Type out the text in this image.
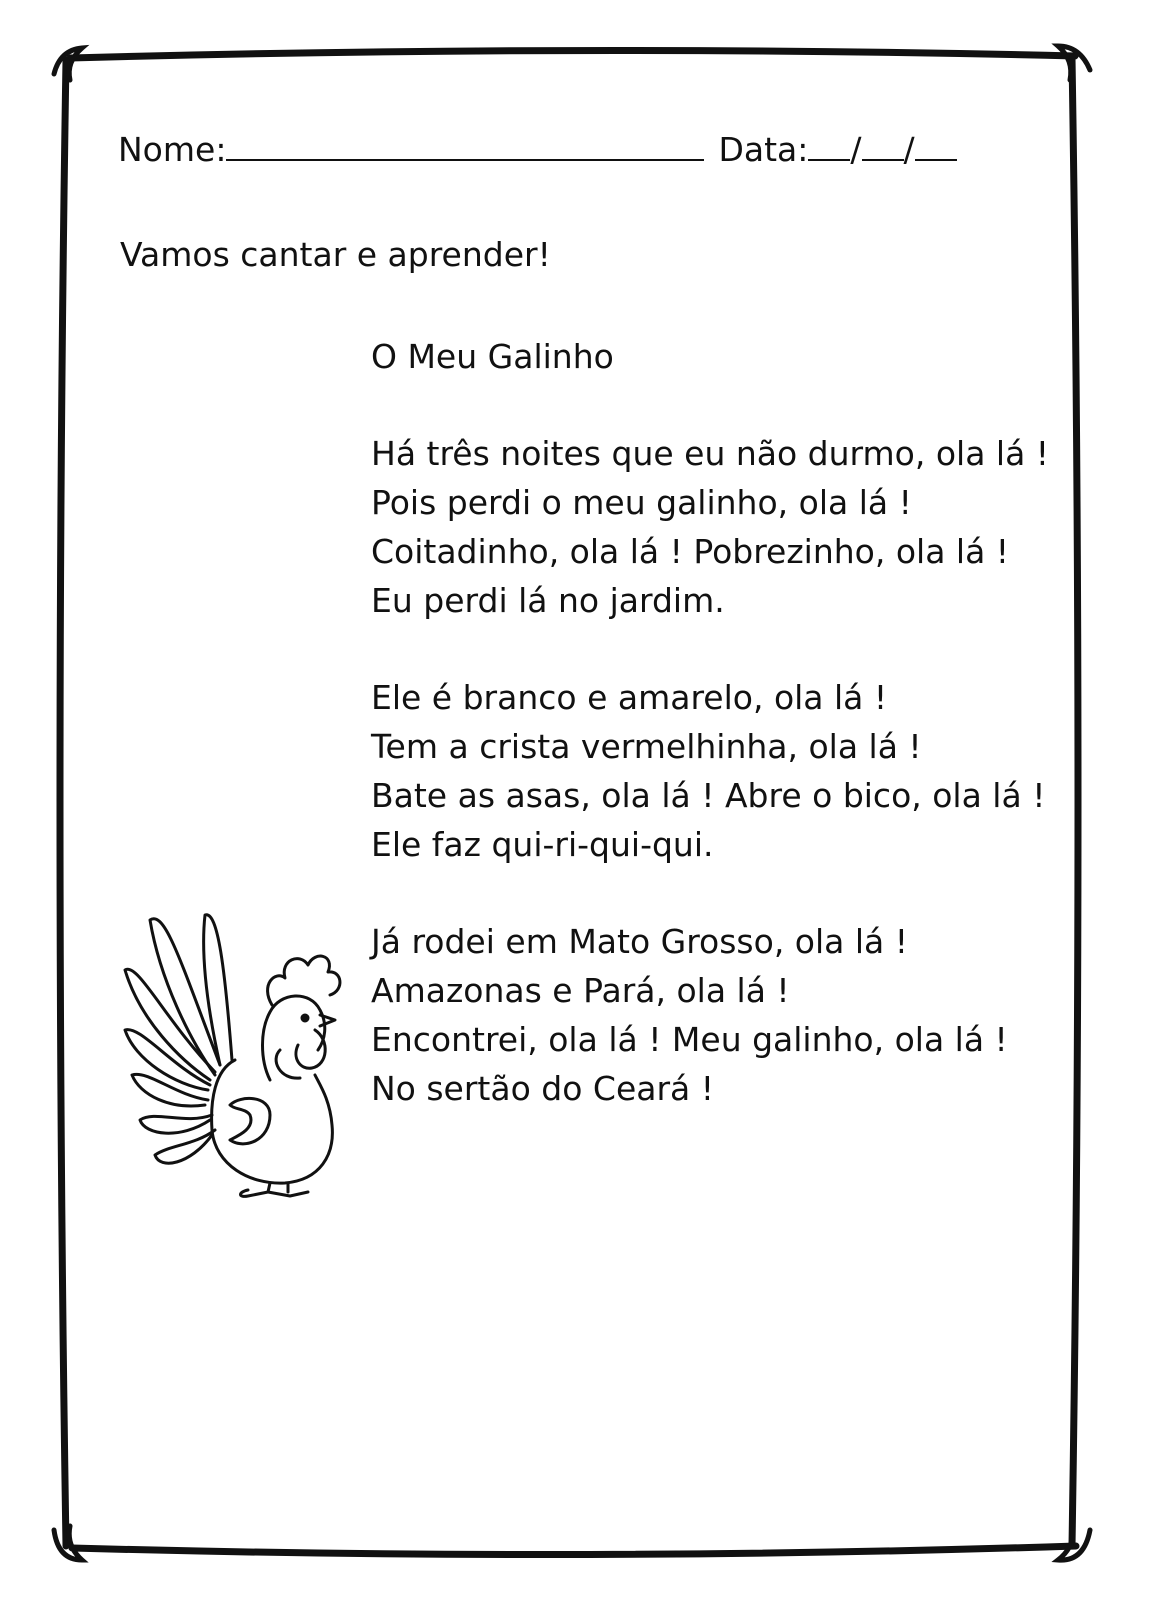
Nome:	Data: / /
Vamos cantar e aprender!
O Meu Galinho
Há três noites que eu não durmo, ola lá !
Pois perdi o meu galinho, ola lá !
Coitadinho, ola lá ! Pobrezinho, ola lá !
Eu perdi lá no jardim.
Ele é branco e amarelo, ola lá !
Tem a crista vermelhinha, ola lá !
Bate as asas, ola lá ! Abre o bico, ola lá !
Ele faz qui-ri-qui-qui.
Já rodei em Mato Grosso, ola lá !
Amazonas e Pará, ola lá !
Encontrei, ola lá ! Meu galinho, ola lá !
No sertão do Ceará !
